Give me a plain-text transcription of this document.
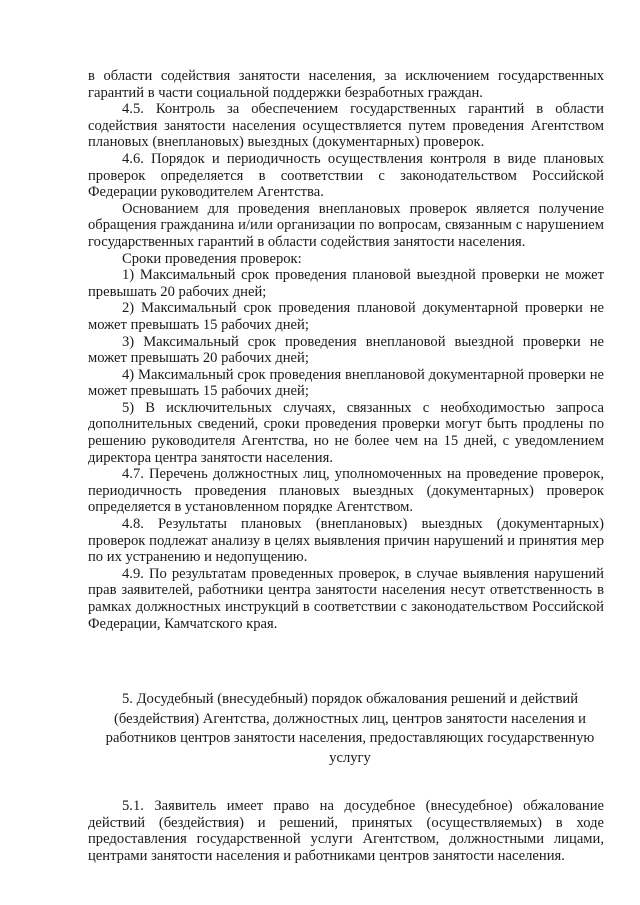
в области содействия занятости населения, за исключением государственных гарантий в части социальной поддержки безработных граждан.

4.5. Контроль за обеспечением государственных гарантий в области содействия занятости населения осуществляется путем проведения Агентством плановых (внеплановых) выездных (документарных) проверок.

4.6. Порядок и периодичность осуществления контроля в виде плановых проверок определяется в соответствии с законодательством Российской Федерации руководителем Агентства.

Основанием для проведения внеплановых проверок является получение обращения гражданина и/или организации по вопросам, связанным с нарушением государственных гарантий в области содействия занятости населения.

Сроки проведения проверок:

1) Максимальный срок проведения плановой выездной проверки не может превышать 20 рабочих дней;

2) Максимальный срок проведения плановой документарной проверки не может превышать 15 рабочих дней;

3) Максимальный срок проведения внеплановой выездной проверки не может превышать 20 рабочих дней;

4) Максимальный срок проведения внеплановой документарной проверки не может превышать 15 рабочих дней;

5) В исключительных случаях, связанных с необходимостью запроса дополнительных сведений, сроки проведения проверки могут быть продлены по решению руководителя Агентства, но не более чем на 15 дней, с уведомлением директора центра занятости населения.

4.7. Перечень должностных лиц, уполномоченных на проведение проверок, периодичность проведения плановых выездных (документарных) проверок определяется в установленном порядке Агентством.

4.8. Результаты плановых (внеплановых) выездных (документарных) проверок подлежат анализу в целях выявления причин нарушений и принятия мер по их устранению и недопущению.

4.9. По результатам проведенных проверок, в случае выявления нарушений прав заявителей, работники центра занятости населения несут ответственность в рамках должностных инструкций в соответствии с законодательством Российской Федерации, Камчатского края.

5. Досудебный (внесудебный) порядок обжалования решений и действий (бездействия) Агентства, должностных лиц, центров занятости населения и работников центров занятости населения, предоставляющих государственную услугу

5.1. Заявитель имеет право на досудебное (внесудебное) обжалование действий (бездействия) и решений, принятых (осуществляемых) в ходе предоставления государственной услуги Агентством, должностными лицами, центрами занятости населения и работниками центров занятости населения.
